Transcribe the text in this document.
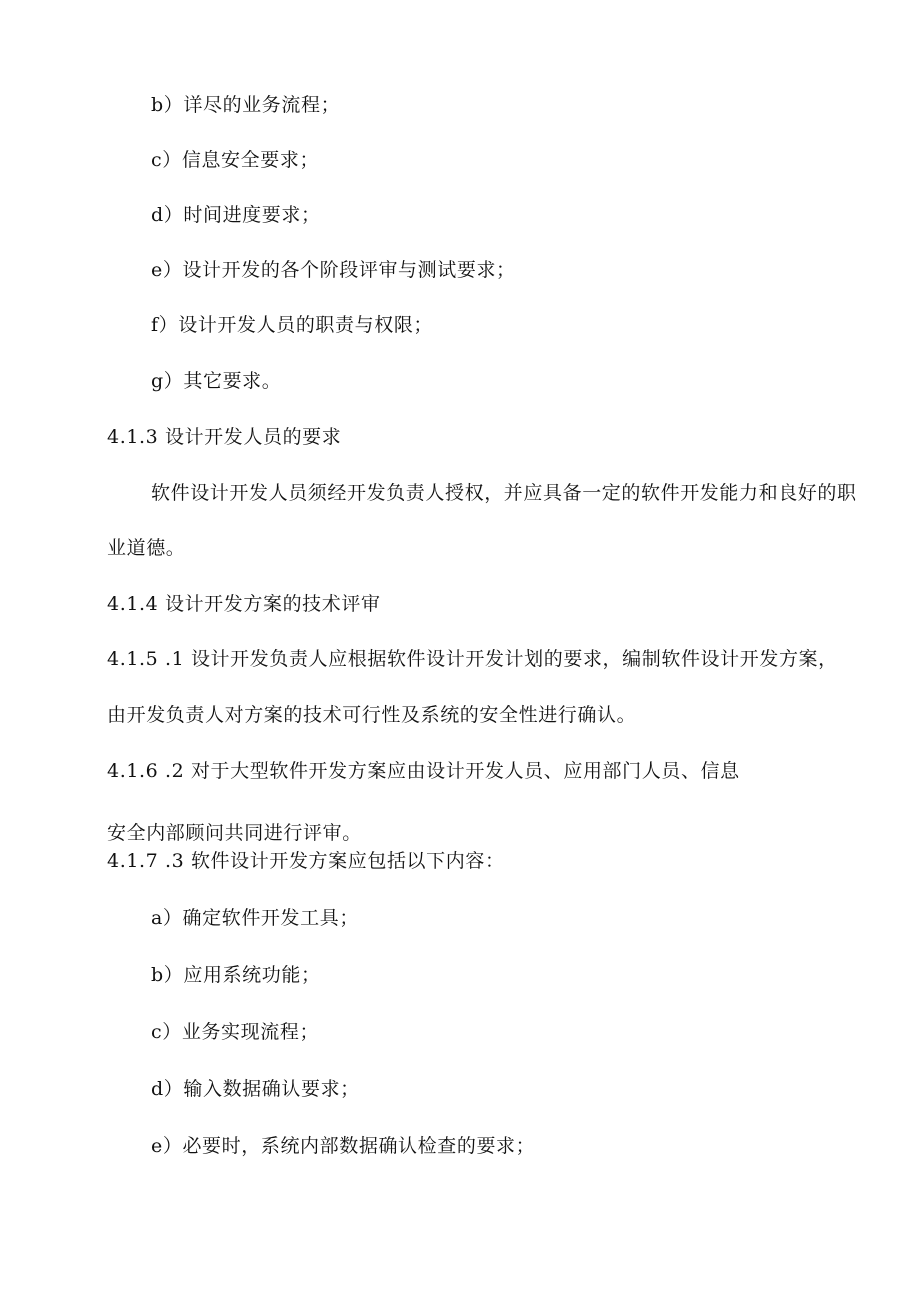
b）详尽的业务流程；
c）信息安全要求；
d）时间进度要求；
e）设计开发的各个阶段评审与测试要求；
f）设计开发人员的职责与权限；
g）其它要求。
4.1.3 设计开发人员的要求
软件设计开发人员须经开发负责人授权，并应具备一定的软件开发能力和良好的职
业道德。
4.1.4 设计开发方案的技术评审
4.1.5 .1 设计开发负责人应根据软件设计开发计划的要求，编制软件设计开发方案，
由开发负责人对方案的技术可行性及系统的安全性进行确认。
4.1.6 .2 对于大型软件开发方案应由设计开发人员、应用部门人员、信息
安全内部顾问共同进行评审。
4.1.7 .3 软件设计开发方案应包括以下内容：
a）确定软件开发工具；
b）应用系统功能；
c）业务实现流程；
d）输入数据确认要求；
e）必要时，系统内部数据确认检查的要求；
